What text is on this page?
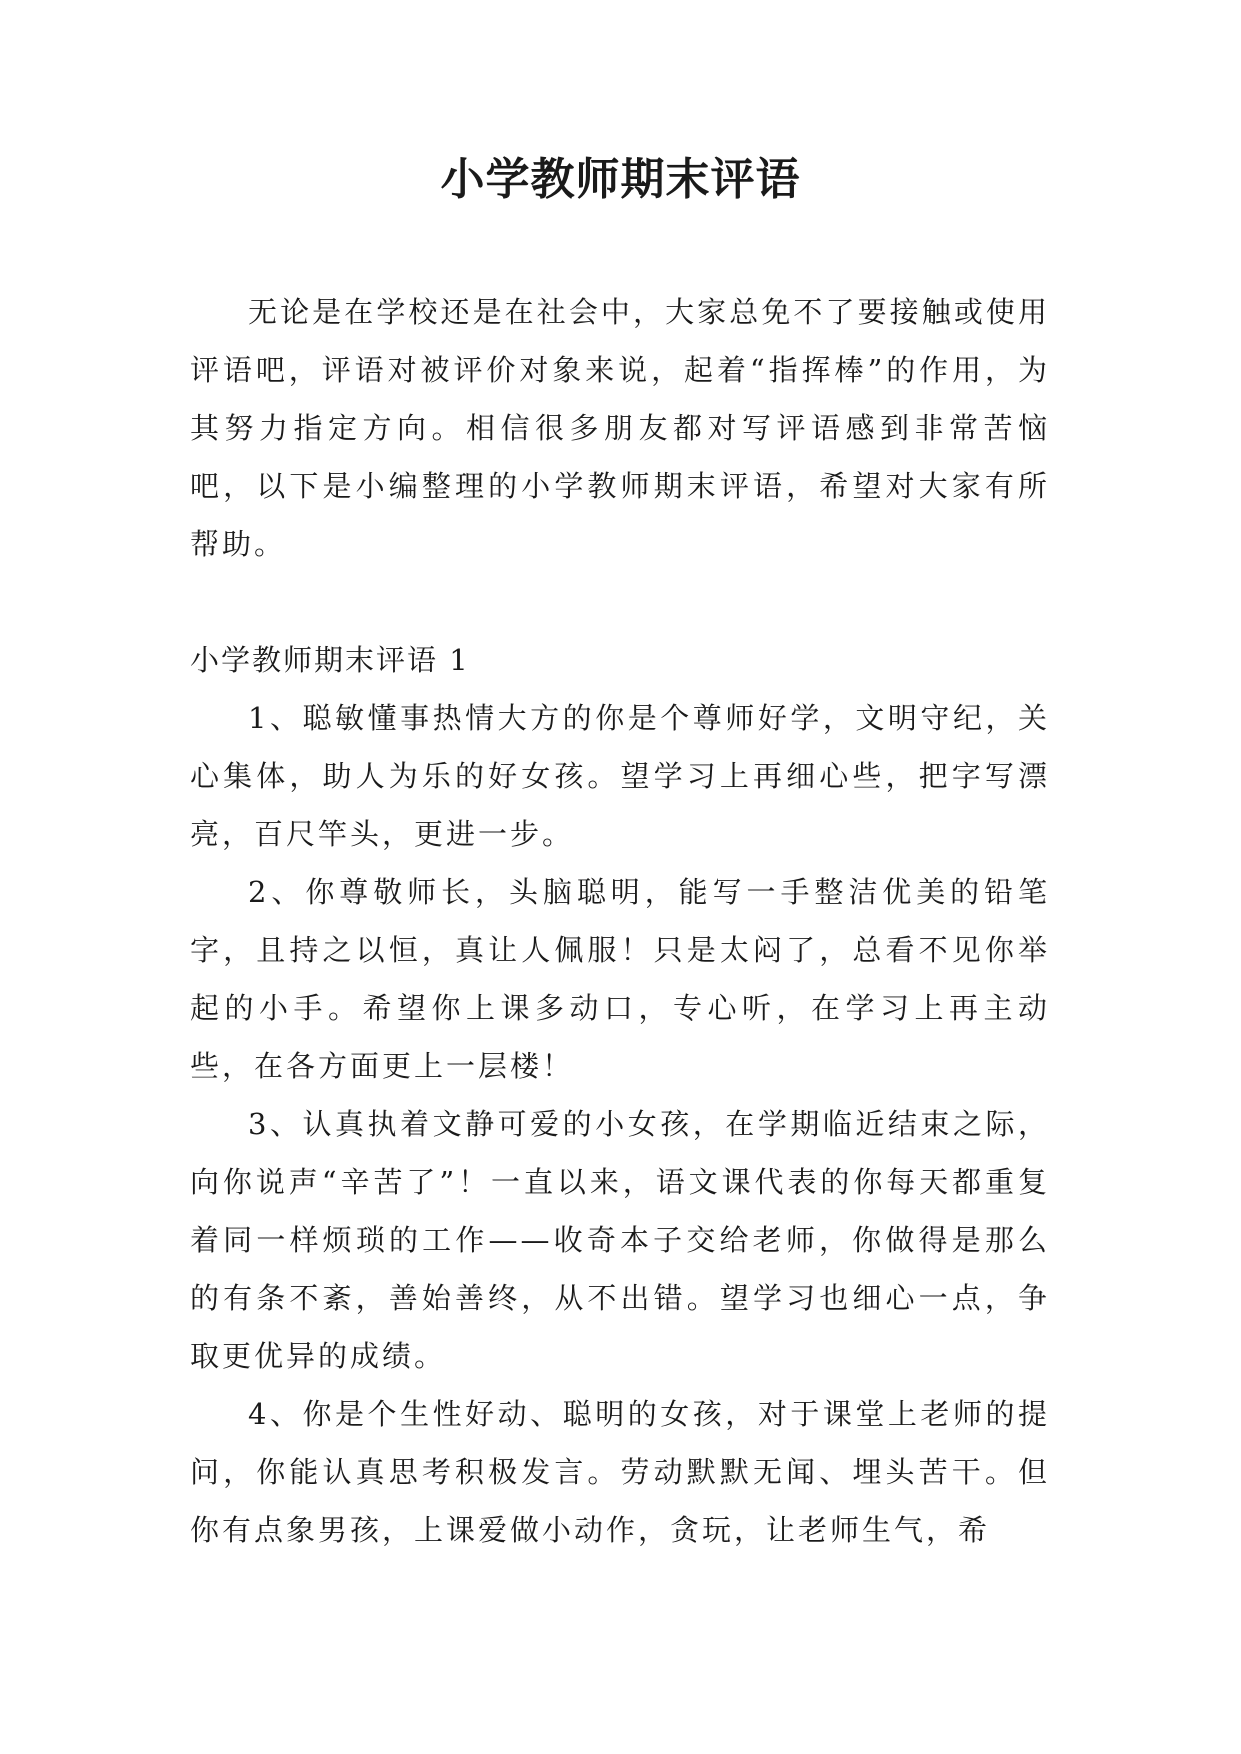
小学教师期末评语

无论是在学校还是在社会中，大家总免不了要接触或使用评语吧，评语对被评价对象来说，起着“指挥棒”的作用，为其努力指定方向。相信很多朋友都对写评语感到非常苦恼吧，以下是小编整理的小学教师期末评语，希望对大家有所帮助。

小学教师期末评语 1

1、聪敏懂事热情大方的你是个尊师好学，文明守纪，关心集体，助人为乐的好女孩。望学习上再细心些，把字写漂亮，百尺竿头，更进一步。

2、你尊敬师长，头脑聪明，能写一手整洁优美的铅笔字，且持之以恒，真让人佩服！只是太闷了，总看不见你举起的小手。希望你上课多动口，专心听，在学习上再主动些，在各方面更上一层楼！

3、认真执着文静可爱的小女孩，在学期临近结束之际，向你说声“辛苦了”！一直以来，语文课代表的你每天都重复着同一样烦琐的工作——收奇本子交给老师，你做得是那么的有条不紊，善始善终，从不出错。望学习也细心一点，争取更优异的成绩。

4、你是个生性好动、聪明的女孩，对于课堂上老师的提问，你能认真思考积极发言。劳动默默无闻、埋头苦干。但你有点象男孩，上课爱做小动作，贪玩，让老师生气，希
